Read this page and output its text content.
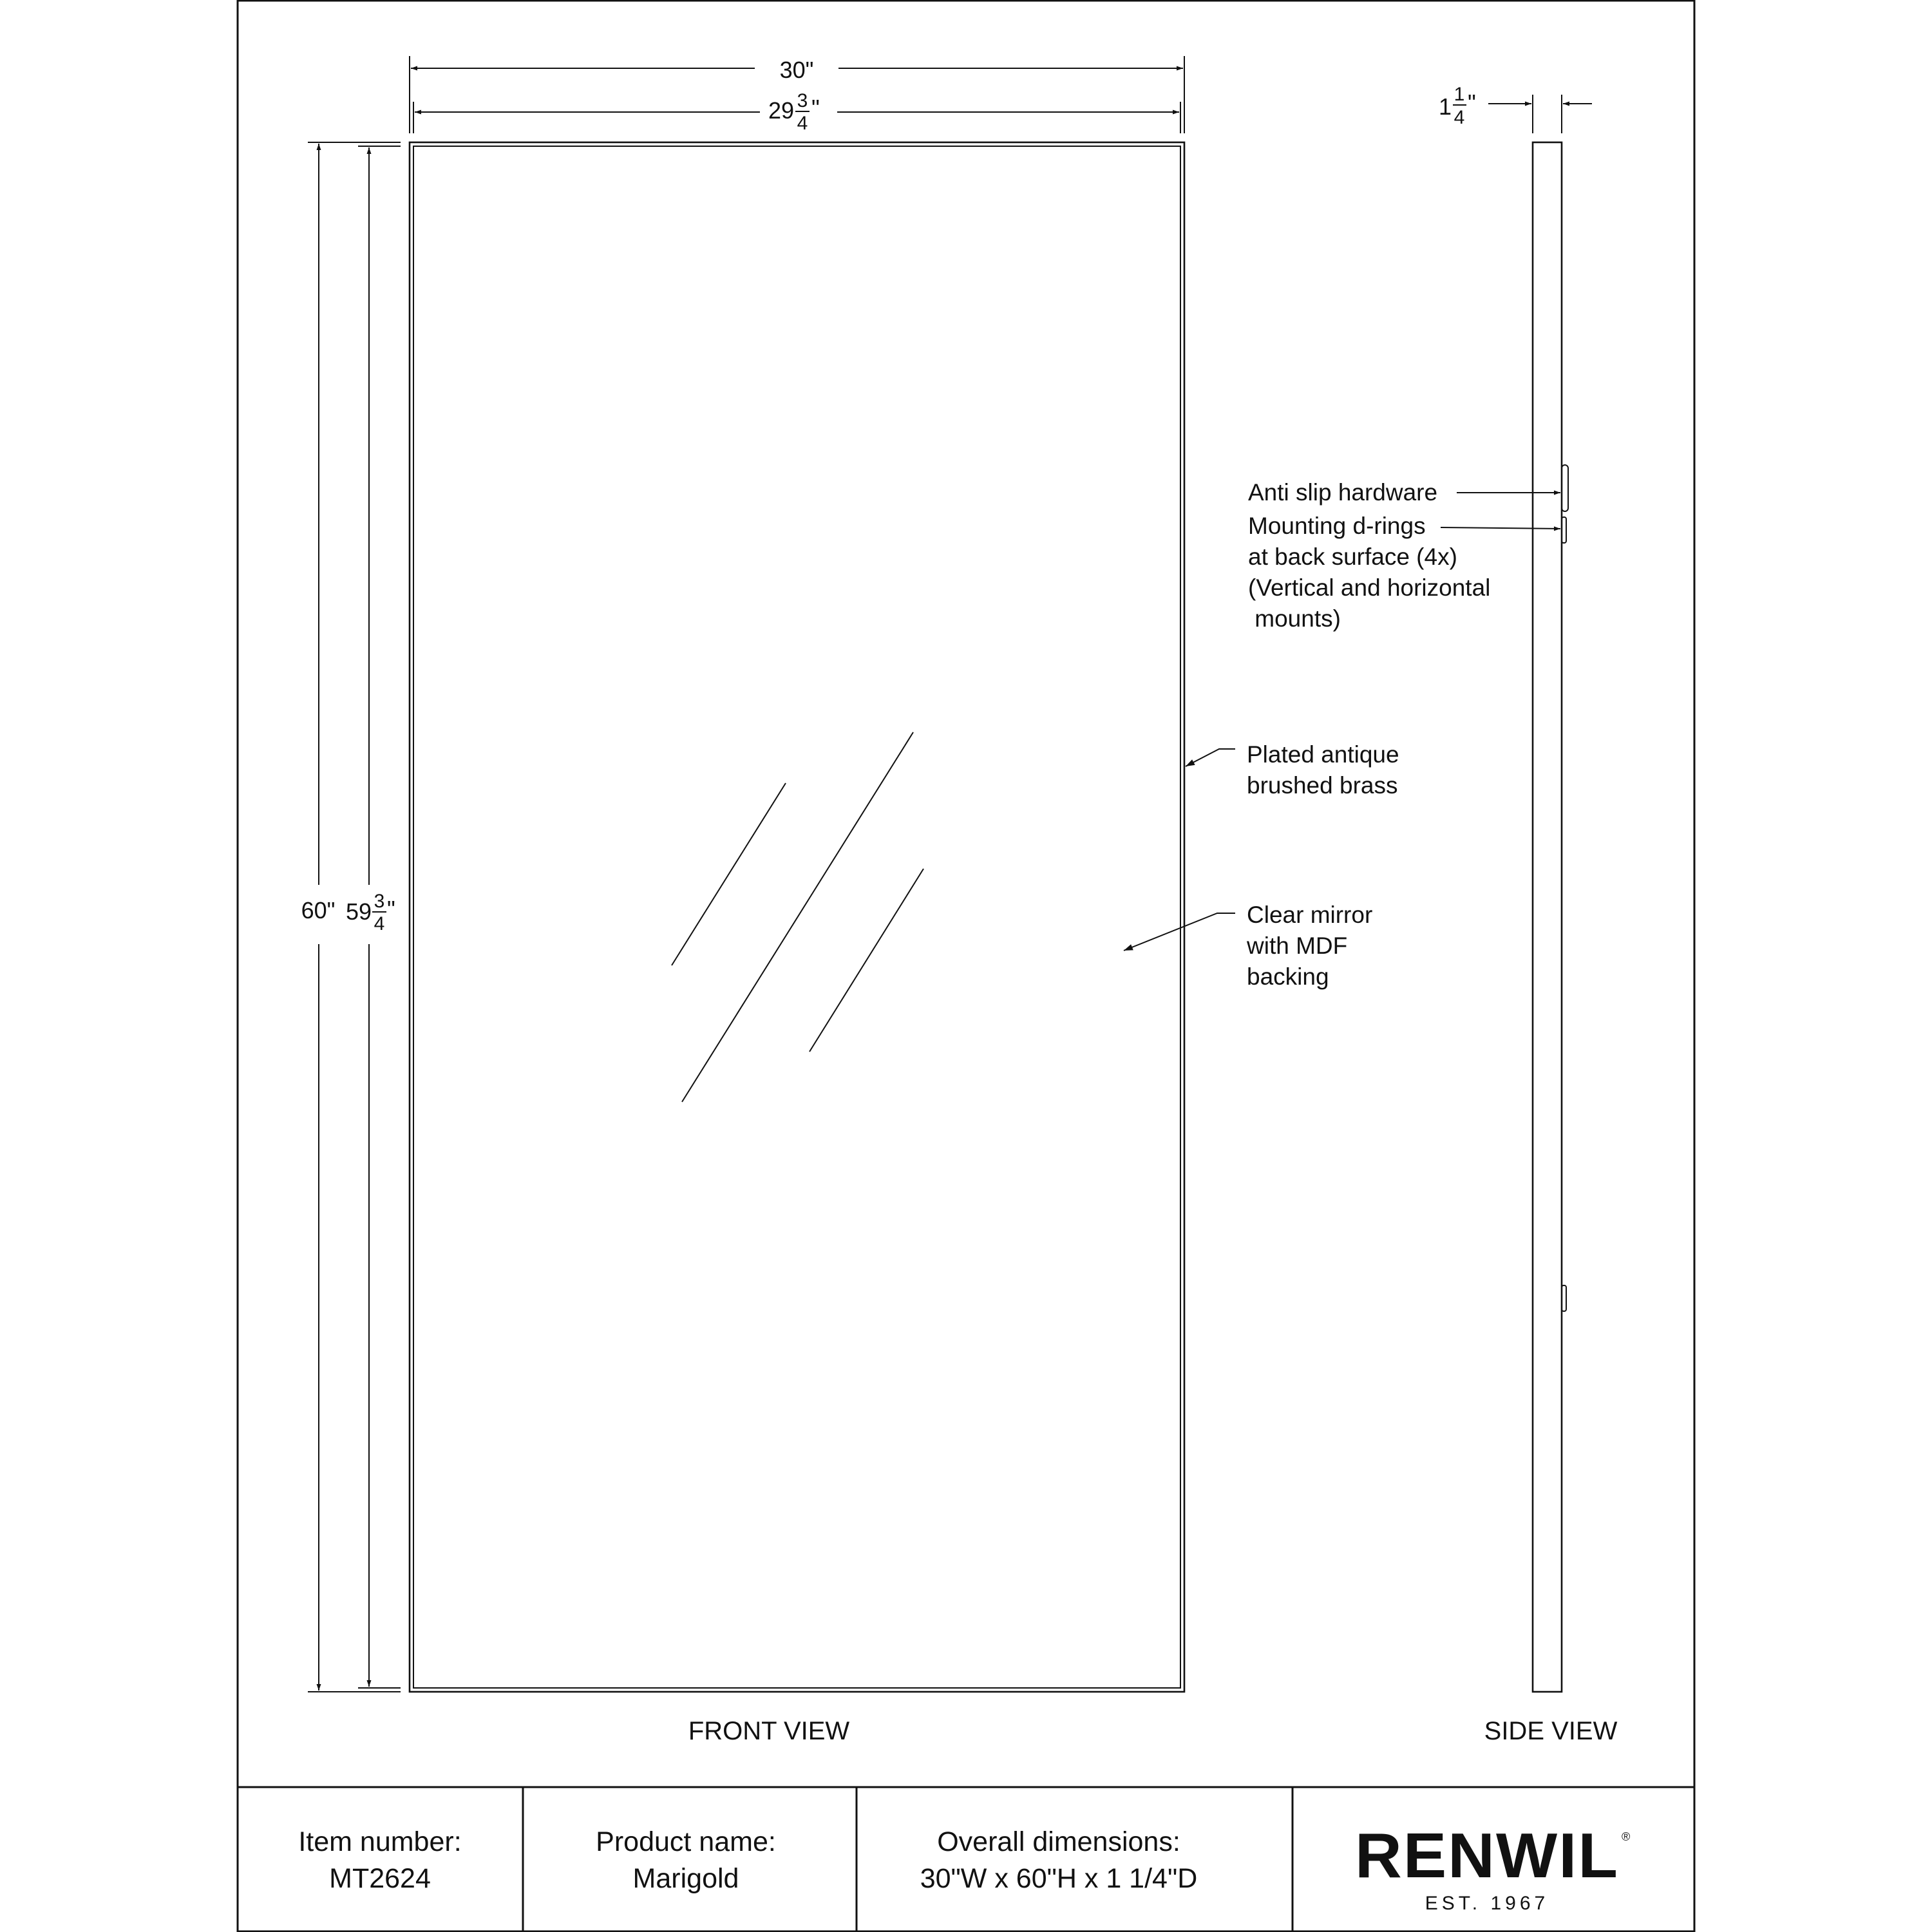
30"
29 3
4
"
60" 59 3
4
"
1 1
4
"
Anti slip hardware
Mounting d-rings
at back surface (4x)
(Vertical and horizontal
mounts)
Plated antique
brushed brass
Clear mirror
with MDF
backing
FRONT VIEW	SIDE VIEW
Item number:
MT2624
Product name:
Marigold
Overall dimensions:
30"W x 60"H x 1 1/4"D RENWIL ®
EST. 1967
